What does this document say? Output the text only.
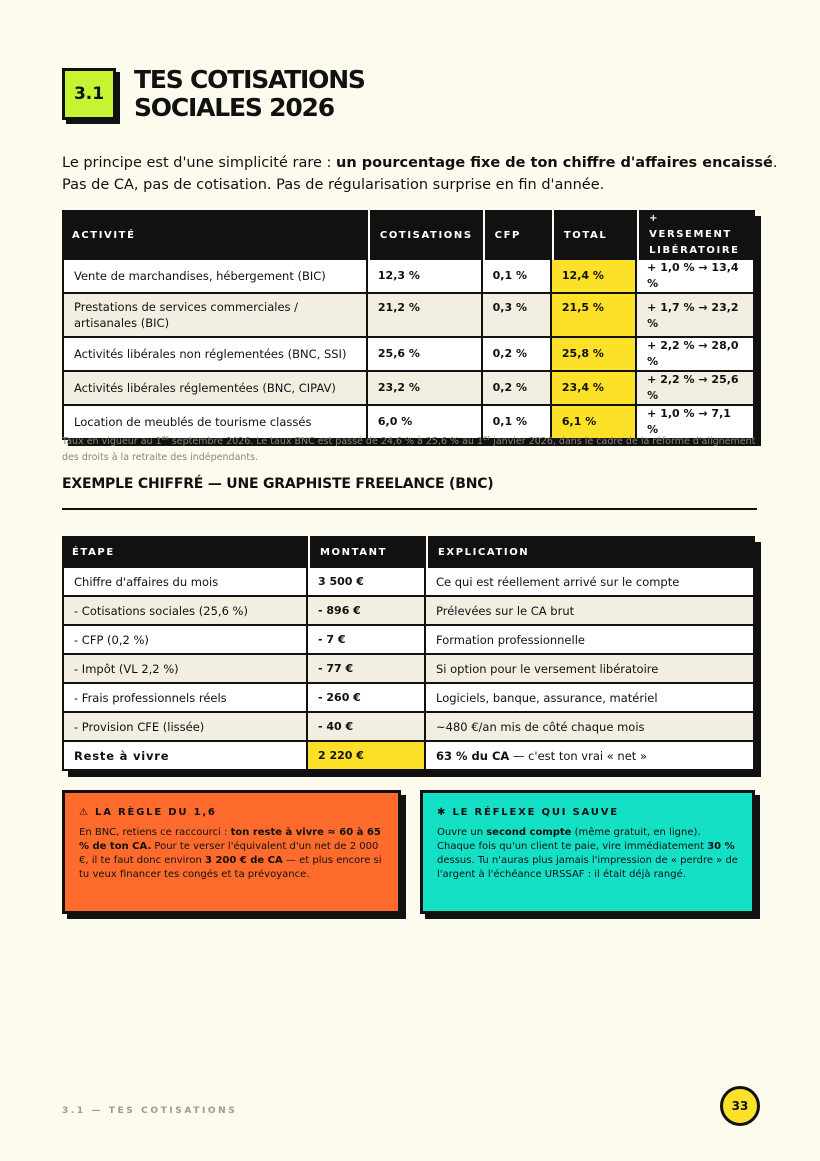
3.1	TES COTISATIONS
SOCIALES 2026
Le principe est d'une simplicité rare : un pourcentage fixe de ton chiffre d'affaires encaissé.
Pas de CA, pas de cotisation. Pas de régularisation surprise en fin d'année.
ACTIVITÉ	COTISATIONS	CFP	TOTAL	+ VERSEMENT LIBÉRATOIRE
Vente de marchandises, hébergement (BIC)	12,3 %	0,1 %	12,4 %	+ 1,0 % → 13,4 %
Prestations de services commerciales / artisanales (BIC)	21,2 %	0,3 %	21,5 %	+ 1,7 % → 23,2 %
Activités libérales non réglementées (BNC, SSI)	25,6 %	0,2 %	25,8 %	+ 2,2 % → 28,0 %
Activités libérales réglementées (BNC, CIPAV)	23,2 %	0,2 %	23,4 %	+ 2,2 % → 25,6 %
Location de meublés de tourisme classés	6,0 %	0,1 %	6,1 %	+ 1,0 % → 7,1 %
Taux en vigueur au 1er septembre 2026. Le taux BNC est passé de 24,6 % à 25,6 % au 1er janvier 2026, dans le cadre de la réforme d'alignement des droits à la retraite des indépendants.
EXEMPLE CHIFFRÉ — UNE GRAPHISTE FREELANCE (BNC)
ÉTAPE	MONTANT	EXPLICATION
Chiffre d'affaires du mois	3 500 €	Ce qui est réellement arrivé sur le compte
- Cotisations sociales (25,6 %)	- 896 €	Prélevées sur le CA brut
- CFP (0,2 %)	- 7 €	Formation professionnelle
- Impôt (VL 2,2 %)	- 77 €	Si option pour le versement libératoire
- Frais professionnels réels	- 260 €	Logiciels, banque, assurance, matériel
- Provision CFE (lissée)	- 40 €	~480 €/an mis de côté chaque mois
Reste à vivre	2 220 €	63 % du CA — c'est ton vrai « net »
⚠ LA RÈGLE DU 1,6

En BNC, retiens ce raccourci : ton reste à vivre ≈ 60 à 65 % de ton CA. Pour te verser l'équivalent d'un net de 2 000 €, il te faut donc environ 3 200 € de CA — et plus encore si tu veux financer tes congés et ta prévoyance.

✱ LE RÉFLEXE QUI SAUVE

Ouvre un second compte (même gratuit, en ligne). Chaque fois qu'un client te paie, vire immédiatement 30 % dessus. Tu n'auras plus jamais l'impression de « perdre » de l'argent à l'échéance URSSAF : il était déjà rangé.

3.1 — TES COTISATIONS	33
